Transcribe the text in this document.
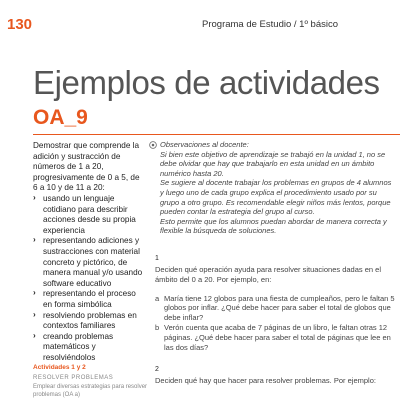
130	Programa de Estudio / 1º básico
Ejemplos de actividades
OA_9

Demostrar que comprende la adición y sustracción de números de 1 a 20, progresivamente de 0 a 5, de 6 a 10 y de 11 a 20:

› usando un lenguaje cotidiano para describir acciones desde su propia experiencia
› representando adiciones y sustracciones con material concreto y pictórico, de manera manual y/o usando software educativo
› representando el proceso en forma simbólica
› resolviendo problemas en contextos familiares
› creando problemas matemáticos y resolviéndolos
Actividades 1 y 2
RESOLVER PROBLEMAS
Emplear diversas estrategias para resolver problemas (OA a)

Observaciones al docente:

Si bien este objetivo de aprendizaje se trabajó en la unidad 1, no se debe olvidar que hay que trabajarlo en esta unidad en un ámbito numérico hasta 20.

Se sugiere al docente trabajar los problemas en grupos de 4 alumnos y luego uno de cada grupo explica el procedimiento usado por su grupo a otro grupo. Es recomendable elegir niños más lentos, porque pueden contar la estrategia del grupo al curso.

Esto permite que los alumnos puedan abordar de manera correcta y flexible la búsqueda de soluciones.

1

Deciden qué operación ayuda para resolver situaciones dadas en el ámbito del 0 a 20. Por ejemplo, en:

a María tiene 12 globos para una fiesta de cumpleaños, pero le faltan 5 globos por inflar. ¿Qué debe hacer para saber el total de globos que debe inflar?
b Verón cuenta que acaba de 7 páginas de un libro, le faltan otras 12 páginas. ¿Qué debe hacer para saber el total de páginas que lee en las dos días?
2

Deciden qué hay que hacer para resolver problemas. Por ejemplo:
